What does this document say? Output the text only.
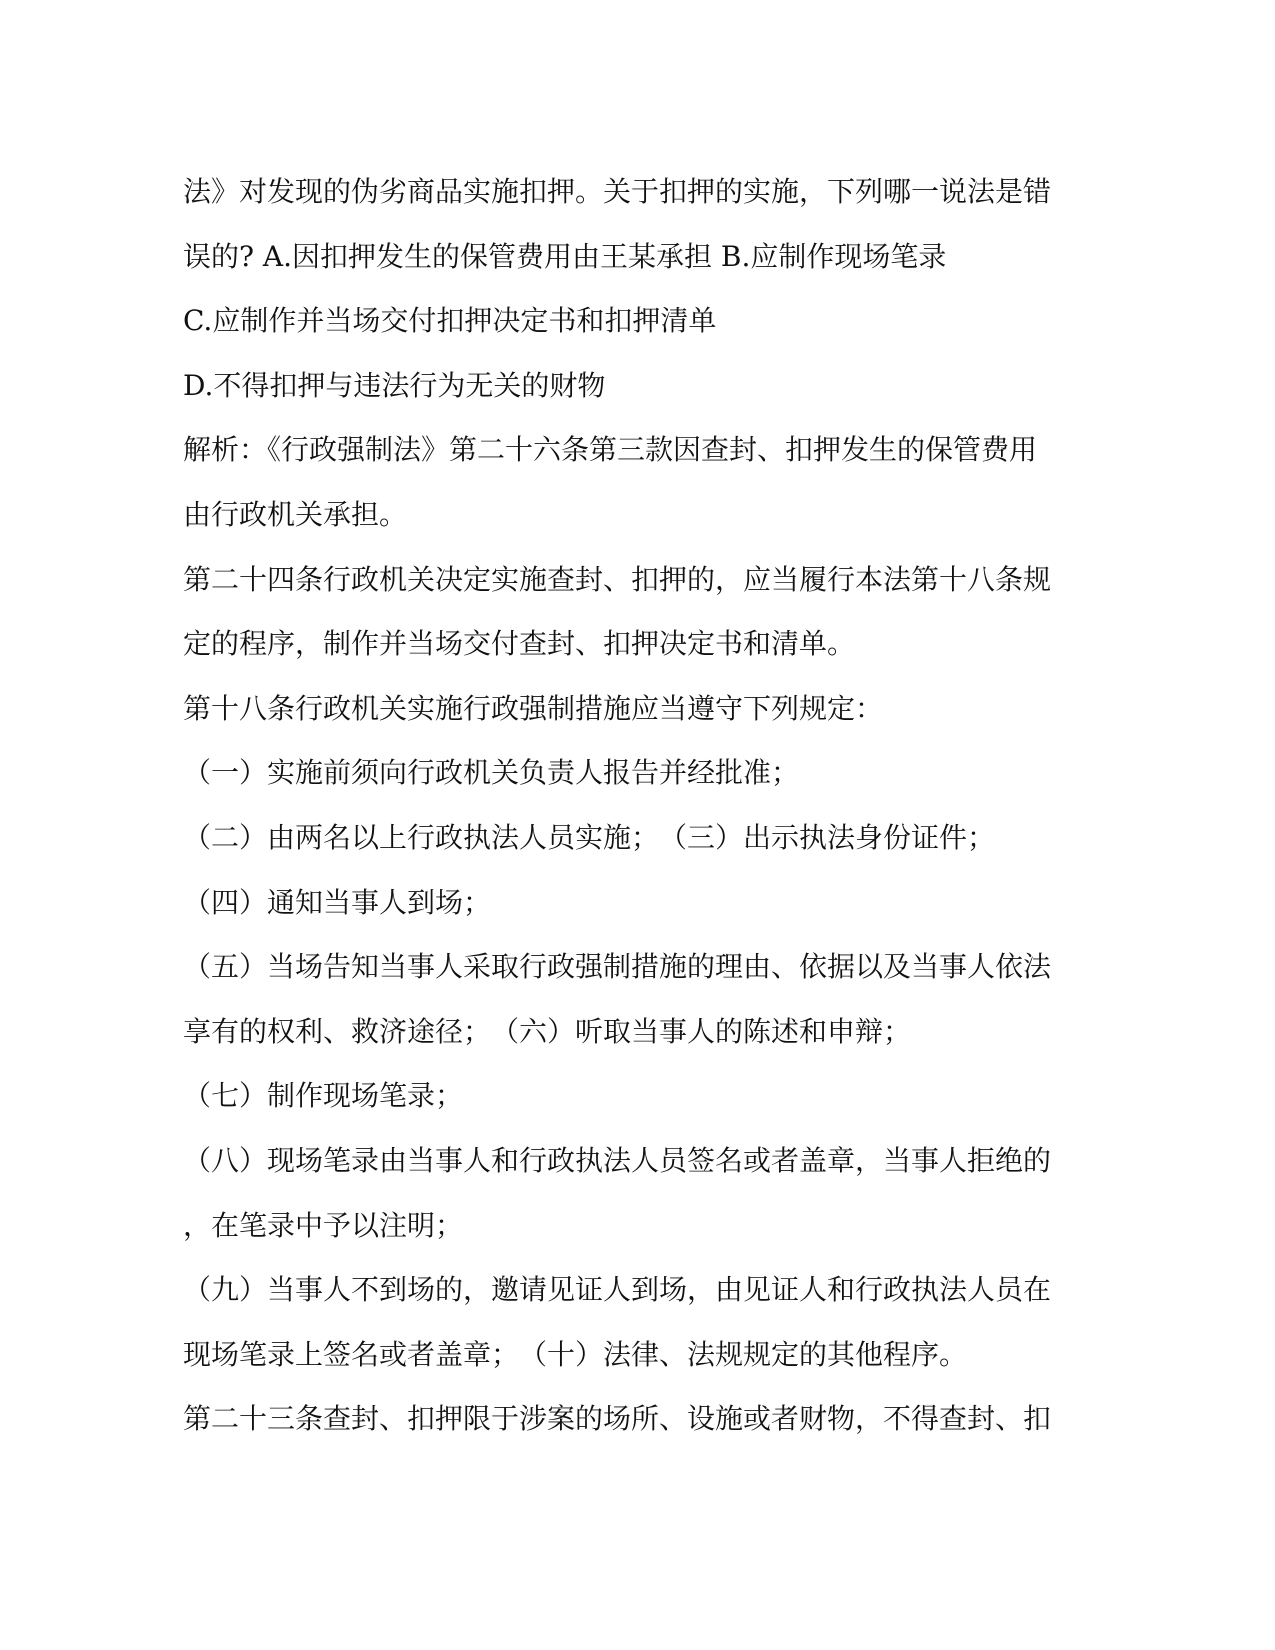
法》对发现的伪劣商品实施扣押。关于扣押的实施，下列哪一说法是错

误的? A.因扣押发生的保管费用由王某承担 B.应制作现场笔录

C.应制作并当场交付扣押决定书和扣押清单

D.不得扣押与违法行为无关的财物

解析：《行政强制法》第二十六条第三款因查封、扣押发生的保管费用

由行政机关承担。

第二十四条行政机关决定实施查封、扣押的，应当履行本法第十八条规

定的程序，制作并当场交付查封、扣押决定书和清单。

第十八条行政机关实施行政强制措施应当遵守下列规定：

（一）实施前须向行政机关负责人报告并经批准；

（二）由两名以上行政执法人员实施；　（三）出示执法身份证件；

（四）通知当事人到场；

（五）当场告知当事人采取行政强制措施的理由、依据以及当事人依法

享有的权利、救济途径；　（六）听取当事人的陈述和申辩；

（七）制作现场笔录；

（八）现场笔录由当事人和行政执法人员签名或者盖章，当事人拒绝的

，在笔录中予以注明；

（九）当事人不到场的，邀请见证人到场，由见证人和行政执法人员在

现场笔录上签名或者盖章；　（十）法律、法规规定的其他程序。

第二十三条查封、扣押限于涉案的场所、设施或者财物，不得查封、扣
